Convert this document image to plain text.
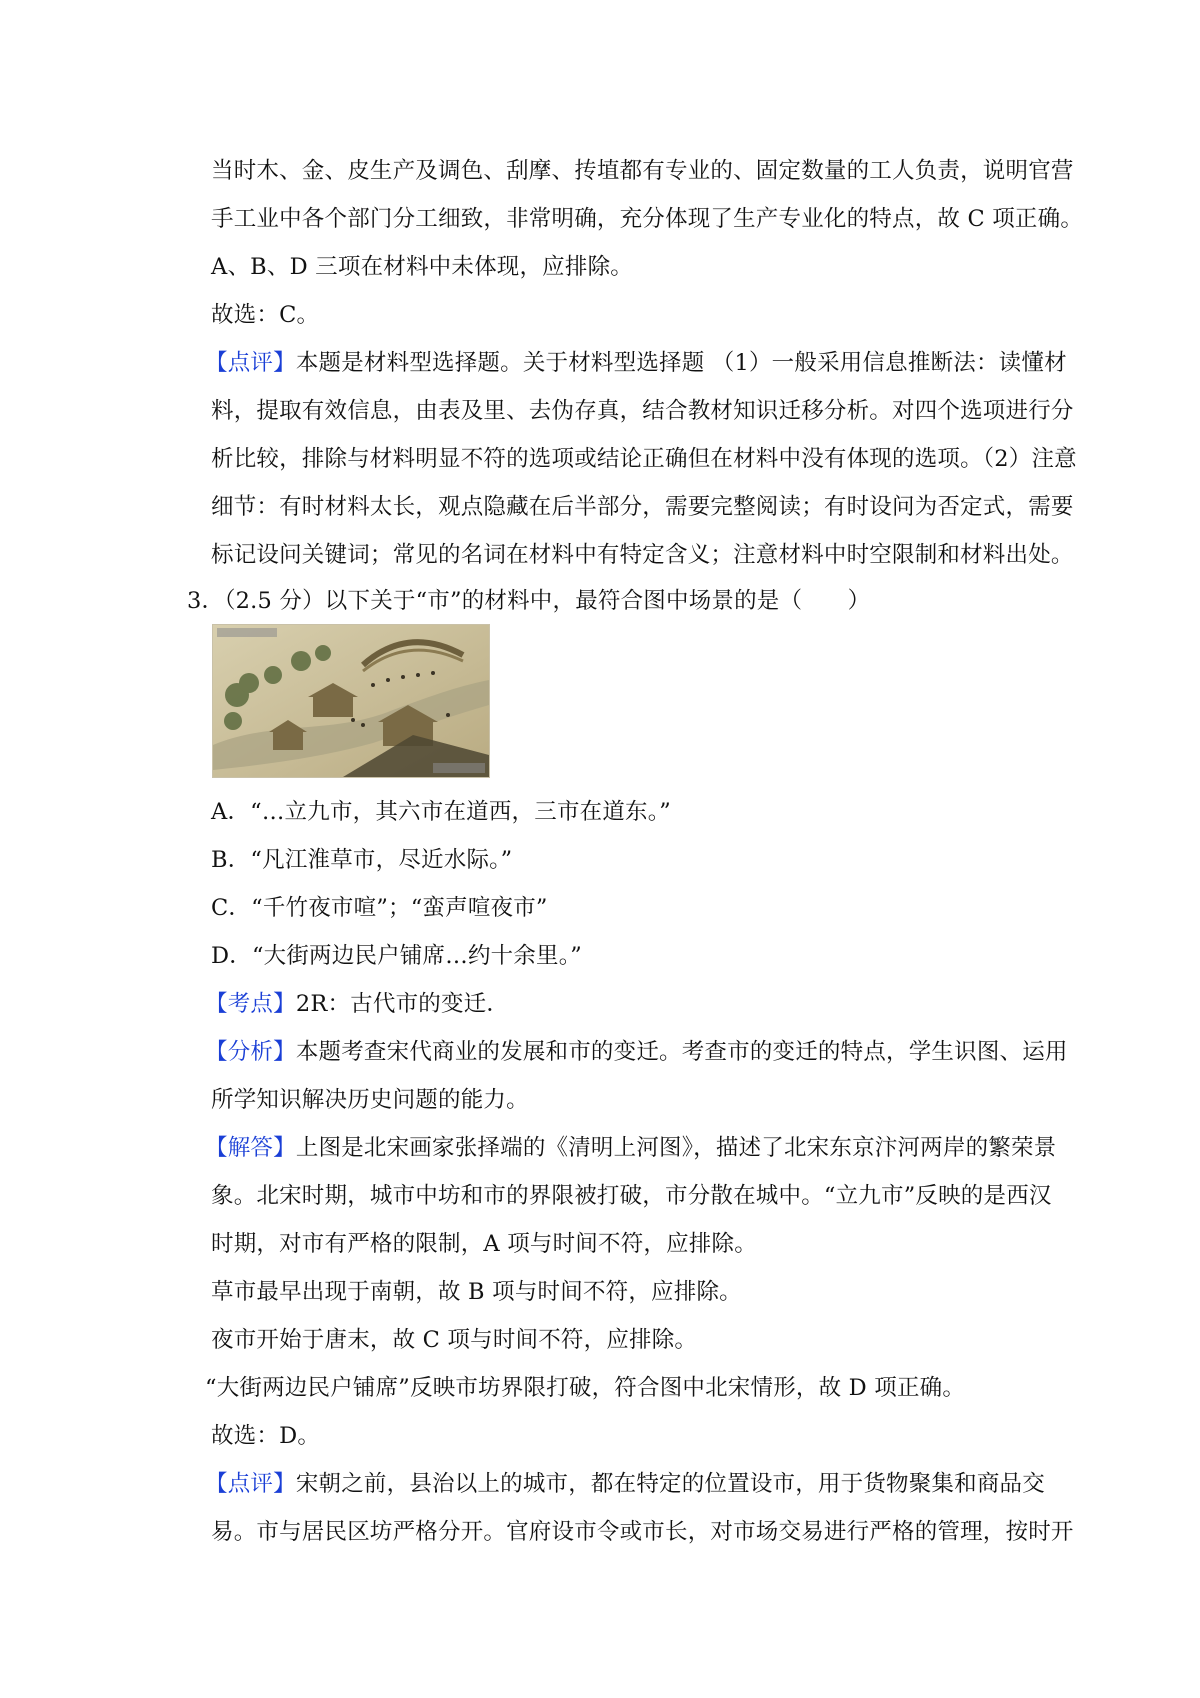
当时木、金、皮生产及调色、刮摩、抟埴都有专业的、固定数量的工人负责，说明官营
手工业中各个部门分工细致，非常明确，充分体现了生产专业化的特点，故 C 项正确。
A、B、D 三项在材料中未体现，应排除。
故选：C。
【点评】本题是材料型选择题。关于材料型选择题 （1）一般采用信息推断法：读懂材
料，提取有效信息，由表及里、去伪存真，结合教材知识迁移分析。对四个选项进行分
析比较，排除与材料明显不符的选项或结论正确但在材料中没有体现的选项。（2）注意
细节：有时材料太长，观点隐藏在后半部分，需要完整阅读；有时设问为否定式，需要
标记设问关键词；常见的名词在材料中有特定含义；注意材料中时空限制和材料出处。
3．（2.5 分）以下关于“市”的材料中，最符合图中场景的是（　　）
A．“…立九市，其六市在道西，三市在道东。”
B．“凡江淮草市，尽近水际。”
C．“千竹夜市喧”；“蛮声喧夜市”
D．“大街两边民户铺席…约十余里。”
【考点】2R：古代市的变迁．
【分析】本题考查宋代商业的发展和市的变迁。考查市的变迁的特点，学生识图、运用
所学知识解决历史问题的能力。
【解答】上图是北宋画家张择端的《清明上河图》，描述了北宋东京汴河两岸的繁荣景
象。北宋时期，城市中坊和市的界限被打破，市分散在城中。“立九市”反映的是西汉
时期，对市有严格的限制，A 项与时间不符，应排除。
草市最早出现于南朝，故 B 项与时间不符，应排除。
夜市开始于唐末，故 C 项与时间不符，应排除。
“大街两边民户铺席”反映市坊界限打破，符合图中北宋情形，故 D 项正确。
故选：D。
【点评】宋朝之前，县治以上的城市，都在特定的位置设市，用于货物聚集和商品交
易。市与居民区坊严格分开。官府设市令或市长，对市场交易进行严格的管理，按时开
